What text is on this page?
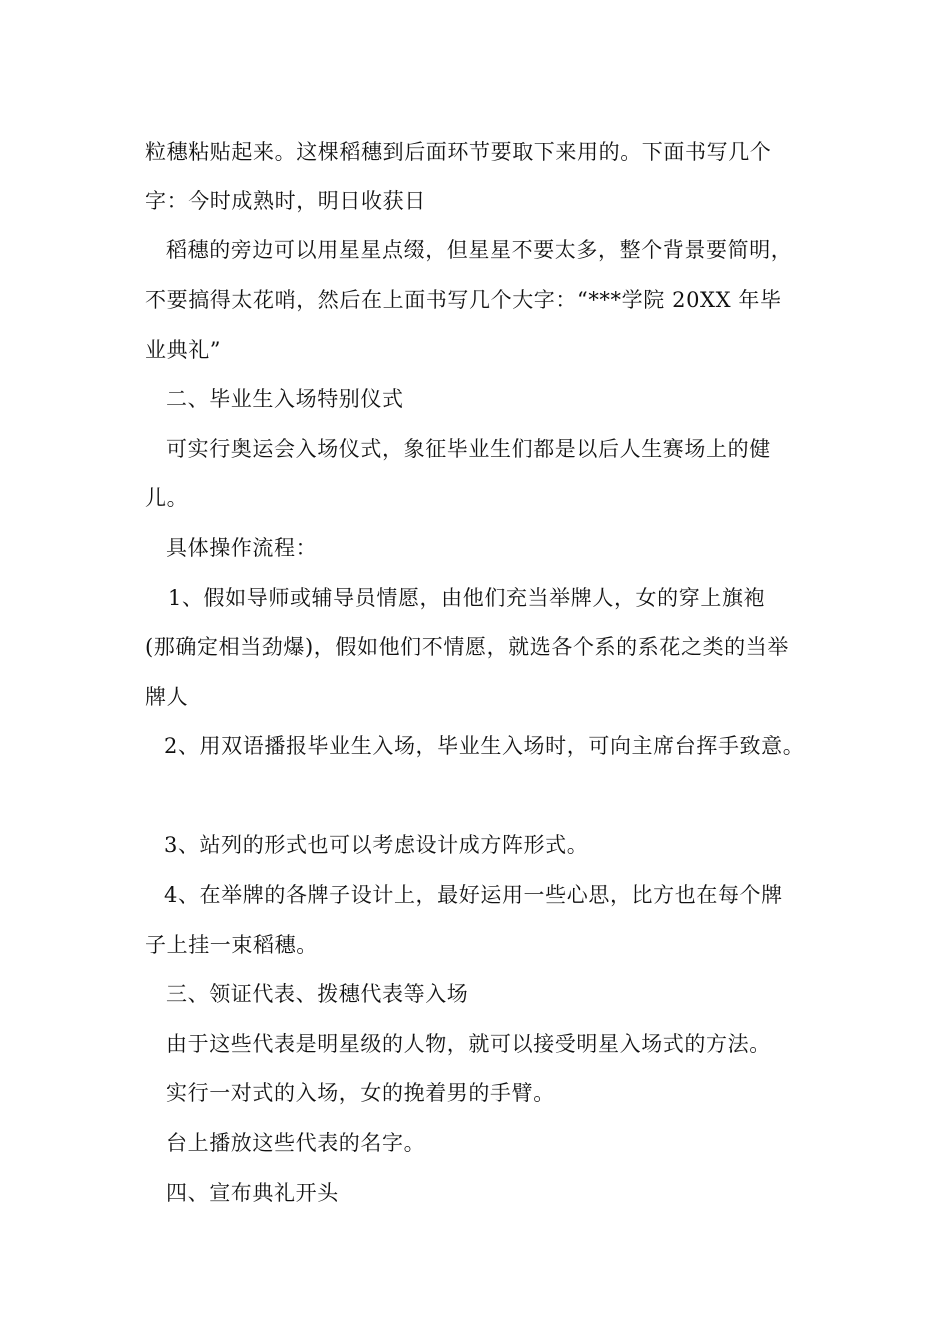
粒穗粘贴起来。这棵稻穗到后面环节要取下来用的。下面书写几个
字：今时成熟时，明日收获日
稻穗的旁边可以用星星点缀，但星星不要太多，整个背景要简明，
不要搞得太花哨，然后在上面书写几个大字：“***学院 20XX 年毕
业典礼”
二、毕业生入场特别仪式
可实行奥运会入场仪式，象征毕业生们都是以后人生赛场上的健
儿。
具体操作流程：
1、假如导师或辅导员情愿，由他们充当举牌人，女的穿上旗袍
(那确定相当劲爆)，假如他们不情愿，就选各个系的系花之类的当举
牌人
2、用双语播报毕业生入场，毕业生入场时，可向主席台挥手致意。
3、站列的形式也可以考虑设计成方阵形式。
4、在举牌的各牌子设计上，最好运用一些心思，比方也在每个牌
子上挂一束稻穗。
三、领证代表、拨穗代表等入场
由于这些代表是明星级的人物，就可以接受明星入场式的方法。
实行一对式的入场，女的挽着男的手臂。
台上播放这些代表的名字。
四、宣布典礼开头
